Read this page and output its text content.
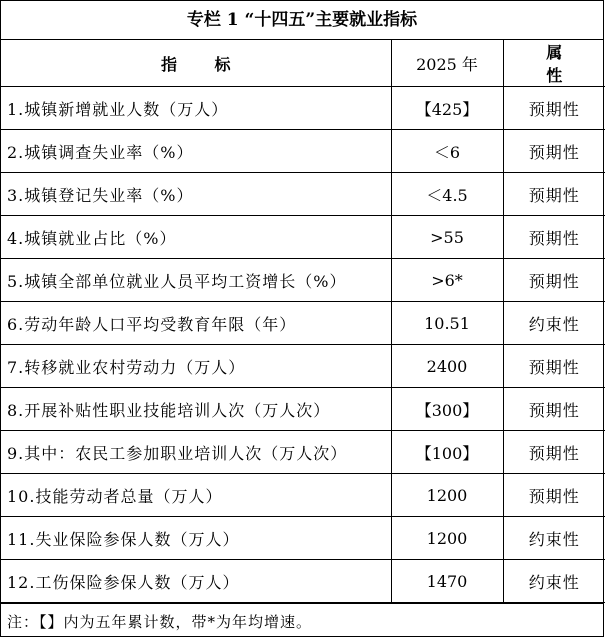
专栏 1 “十四五”主要就业指标
指 标	2025 年	属 性
1.城镇新增就业人数（万人）	【425】	预期性
2.城镇调查失业率（%）	＜6	预期性
3.城镇登记失业率（%）	＜4.5	预期性
4.城镇就业占比（%）	>55	预期性
5.城镇全部单位就业人员平均工资增长（%）	>6*	预期性
6.劳动年龄人口平均受教育年限（年）	10.51	约束性
7.转移就业农村劳动力（万人）	2400	预期性
8.开展补贴性职业技能培训人次（万人次）	【300】	预期性
9.其中：农民工参加职业培训人次（万人次）	【100】	预期性
10.技能劳动者总量（万人）	1200	预期性
11.失业保险参保人数（万人）	1200	约束性
12.工伤保险参保人数（万人）	1470	约束性
注：【】内为五年累计数，带*为年均增速。
